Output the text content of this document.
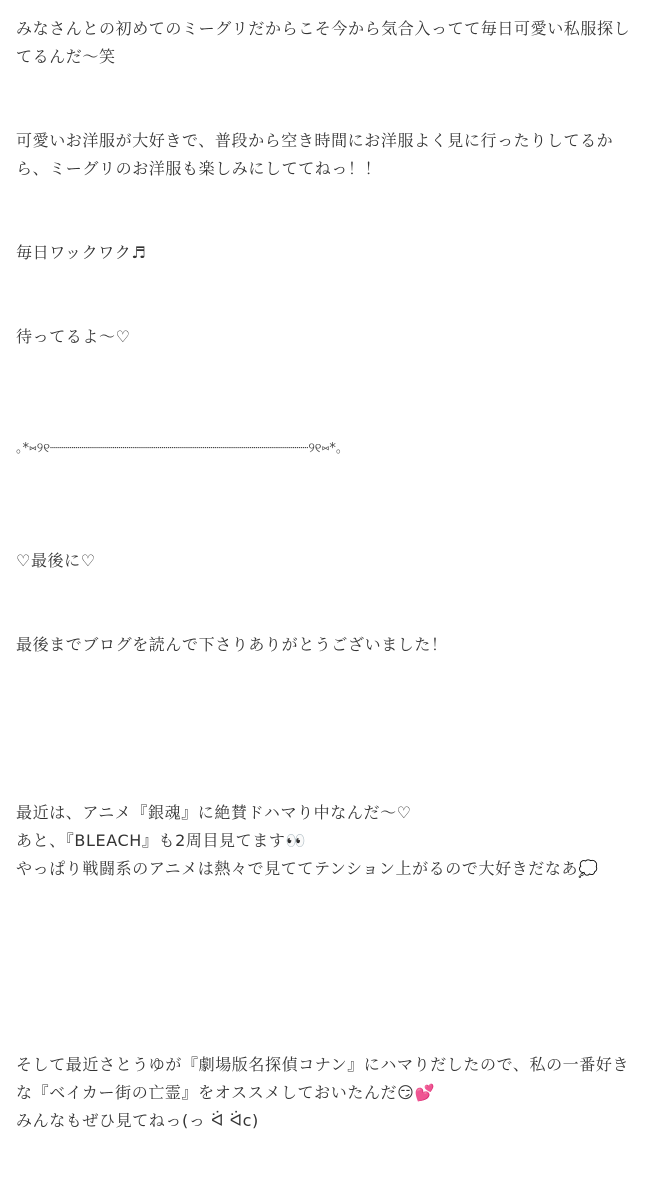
みなさんとの初めてのミーグリだからこそ今から気合入ってて毎日可愛い私服探してるんだ〜笑

可愛いお洋服が大好きで、普段から空き時間にお洋服よく見に行ったりしてるから、ミーグリのお洋服も楽しみにしててねっ！！

毎日ワックワク♬

待ってるよ〜♡

｡*⑅୨୧┈┈┈┈┈┈┈┈┈┈┈┈┈┈┈┈┈┈┈┈┈┈┈┈┈┈┈┈┈┈┈┈┈୨୧⑅*｡

♡最後に♡

最後までブログを読んで下さりありがとうございました！

最近は、アニメ『銀魂』に絶賛ドハマり中なんだ〜♡
あと、『BLEACH』も2周目見てます👀
やっぱり戦闘系のアニメは熱々で見ててテンション上がるので大好きだなあ💭

そして最近さとうゆが『劇場版名探偵コナン』にハマりだしたので、私の一番好きな『ベイカー街の亡霊』をオススメしておいたんだ😏💕
みんなもぜひ見てねっ(っ ᐛ ᐛc)
